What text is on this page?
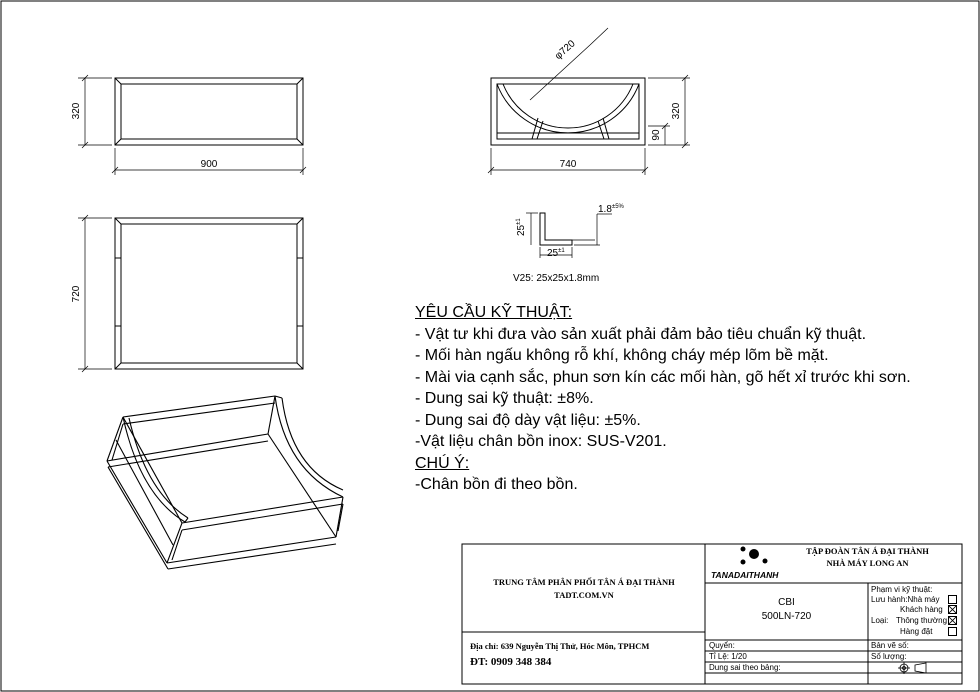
320
900
φ720
320
90
740
$25^{\pm 1}$
$25^{\pm 1}$
$1.8^{\pm 5\%}$
V25: 25x25x1.8mm
720
TANADAITHANH
YÊU CẦU KỸ THUẬT:
- Vật tư khi đưa vào sản xuất phải đảm bảo tiêu chuẩn kỹ thuật.
- Mối hàn ngấu không rỗ khí, không cháy mép lõm bề mặt.
- Mài via cạnh sắc, phun sơn kín các mối hàn, gõ hết xỉ trước khi sơn.
- Dung sai kỹ thuật: ±8%.
- Dung sai độ dày vật liệu: ±5%.
-Vật liệu chân bồn inox: SUS-V201.
CHÚ Ý:
-Chân bồn đi theo bồn.
TRUNG TÂM PHÂN PHỐI TÂN Á ĐẠI THÀNH
TADT.COM.VN
Địa chỉ: 639 Nguyễn Thị Thử, Hóc Môn, TPHCM
ĐT: 0909 348 384
TẬP ĐOÀN TÂN Á ĐẠI THÀNH
NHÀ MÁY LONG AN
CBI
500LN-720
Phạm vi kỹ thuật:
Lưu hành:Nhà máy
Khách hàng
Loại: Thông thường
Hàng đặt
Quyển:
Tỉ Lệ: 1/20
Dung sai theo bảng:
Bản vẽ số:
Số lượng:
